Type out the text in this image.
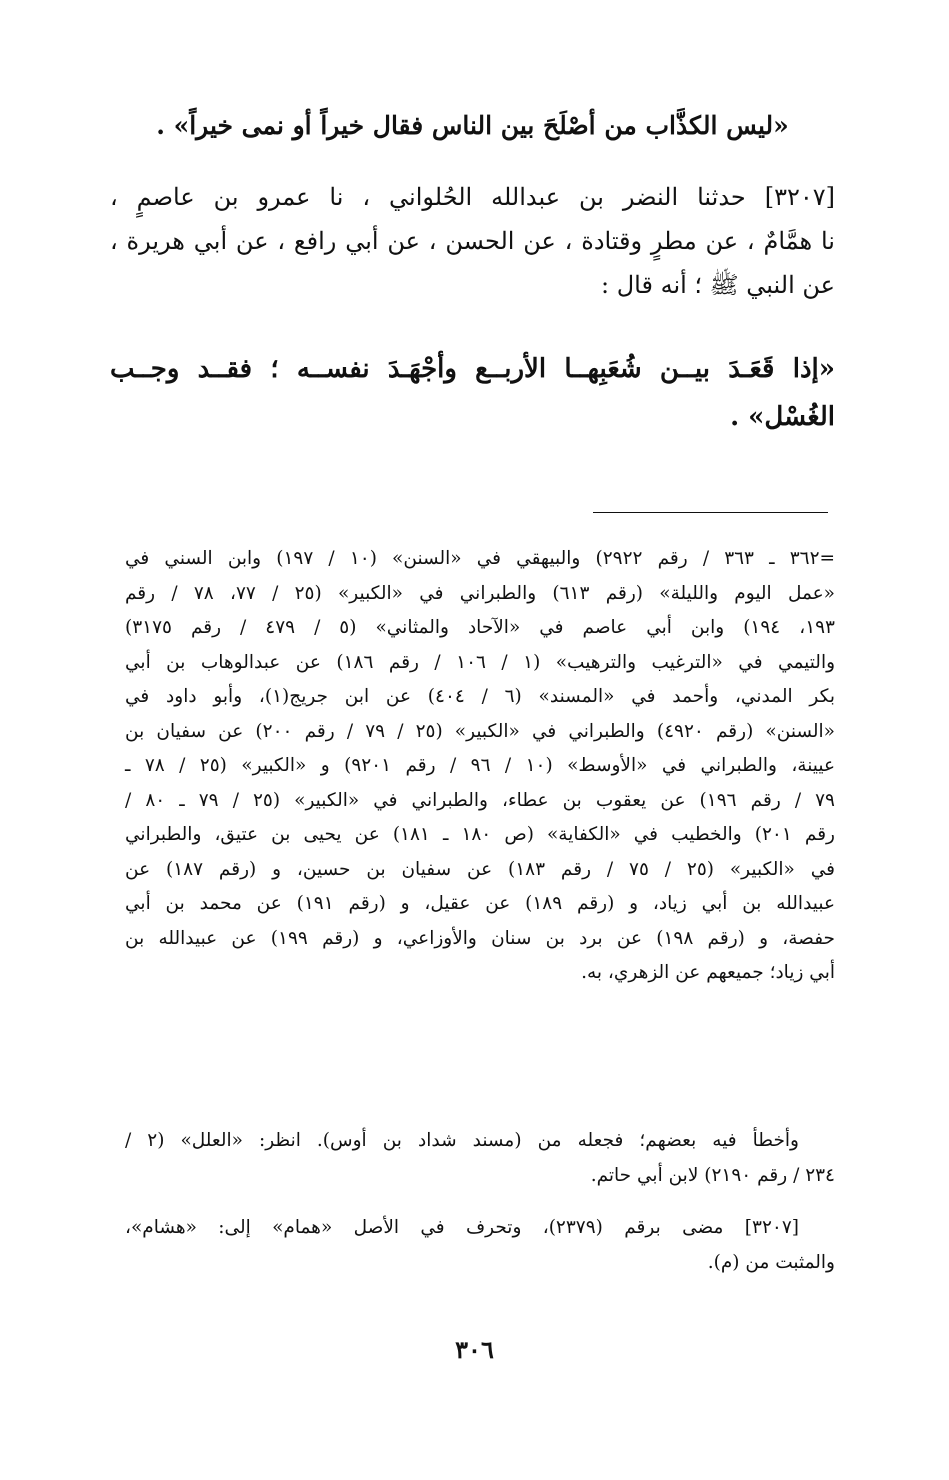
«ليس الكذَّاب من أصْلَحَ بين الناس فقال خيراً أو نمى خيراً» .
[٣٢٠٧] حدثنا النضر بن عبدالله الحُلواني ، نا عمرو بن عاصمٍ ،
نا همَّامٌ ، عن مطرٍ وقتادة ، عن الحسن ، عن أبي رافع ، عن أبي هريرة ،
عن النبي ﷺ ؛ أنه قال :
«إذا قَعَـدَ بيــن شُعَبِهــا الأربــع وأجْهَـدَ نفســه ؛ فقــد وجــب
الغُسْل» .
=٣٦٢ ـ ٣٦٣ / رقم ٢٩٢٢) والبيهقي في «السنن» (١٠ / ١٩٧) وابن السني في
«عمل اليوم والليلة» (رقم ٦١٣) والطبراني في «الكبير» (٢٥ / ٧٧، ٧٨ / رقم
١٩٣، ١٩٤) وابن أبي عاصم في «الآحاد والمثاني» (٥ / ٤٧٩ / رقم ٣١٧٥)
والتيمي في «الترغيب والترهيب» (١ / ١٠٦ / رقم ١٨٦) عن عبدالوهاب بن أبي
بكر المدني، وأحمد في «المسند» (٦ / ٤٠٤) عن ابن جريج(١)، وأبو داود في
«السنن» (رقم ٤٩٢٠) والطبراني في «الكبير» (٢٥ / ٧٩ / رقم ٢٠٠) عن سفيان بن
عيينة، والطبراني في «الأوسط» (١٠ / ٩٦ / رقم ٩٢٠١) و «الكبير» (٢٥ / ٧٨ ـ
٧٩ / رقم ١٩٦) عن يعقوب بن عطاء، والطبراني في «الكبير» (٢٥ / ٧٩ ـ ٨٠ /
رقم ٢٠١) والخطيب في «الكفاية» (ص ١٨٠ ـ ١٨١) عن يحيى بن عتيق، والطبراني
في «الكبير» (٢٥ / ٧٥ / رقم ١٨٣) عن سفيان بن حسين، و (رقم ١٨٧) عن
عبيدالله بن أبي زياد، و (رقم ١٨٩) عن عقيل، و (رقم ١٩١) عن محمد بن أبي
حفصة، و (رقم ١٩٨) عن برد بن سنان والأوزاعي، و (رقم ١٩٩) عن عبيدالله بن
أبي زياد؛ جميعهم عن الزهري، به.
وأخطأ فيه بعضهم؛ فجعله من (مسند شداد بن أوس). انظر: «العلل» (٢ /
٢٣٤ / رقم ٢١٩٠) لابن أبي حاتم.
[٣٢٠٧] مضى برقم (٢٣٧٩)، وتحرف في الأصل «همام» إلى: «هشام»،
والمثبت من (م).
٣٠٦
